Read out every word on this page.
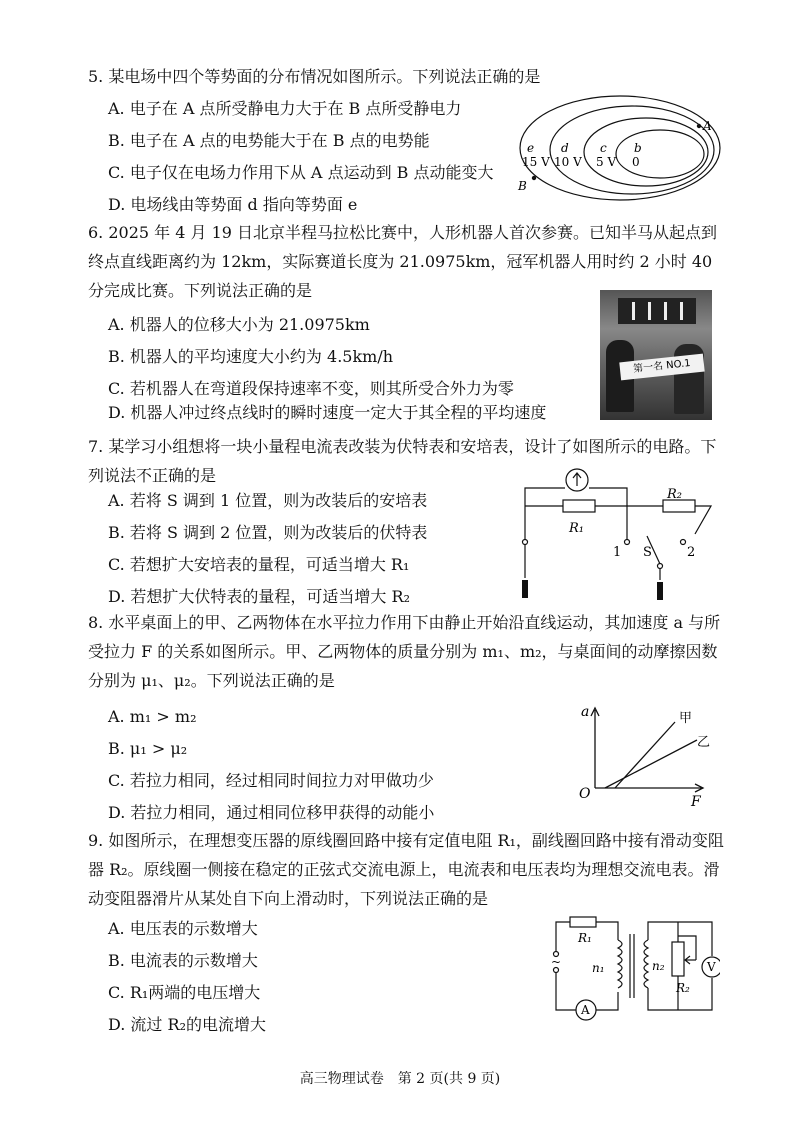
5. 某电场中四个等势面的分布情况如图所示。下列说法正确的是
A. 电子在 A 点所受静电力大于在 B 点所受静电力
B. 电子在 A 点的电势能大于在 B 点的电势能
C. 电子仅在电场力作用下从 A 点运动到 B 点动能变大
D. 电场线由等势面 d 指向等势面 e
A
B
e d	c b
15 V 10 V 5 V 0
6. 2025 年 4 月 19 日北京半程马拉松比赛中，人形机器人首次参赛。已知半马从起点到终点直线距离约为 12km，实际赛道长度为 21.0975km，冠军机器人用时约 2 小时 40 分完成比赛。下列说法正确的是
A. 机器人的位移大小为 21.0975km
B. 机器人的平均速度大小约为 4.5km/h
C. 若机器人在弯道段保持速率不变，则其所受合外力为零
D. 机器人冲过终点线时的瞬时速度一定大于其全程的平均速度
第一名 NO.1
7. 某学习小组想将一块小量程电流表改装为伏特表和安培表，设计了如图所示的电路。下列说法不正确的是
A. 若将 S 调到 1 位置，则为改装后的安培表
B. 若将 S 调到 2 位置，则为改装后的伏特表
C. 若想扩大安培表的量程，可适当增大 R₁
D. 若想扩大伏特表的量程，可适当增大 R₂
R₁
R₂
1 S	2
8. 水平桌面上的甲、乙两物体在水平拉力作用下由静止开始沿直线运动，其加速度 a 与所受拉力 F 的关系如图所示。甲、乙两物体的质量分别为 m₁、m₂，与桌面间的动摩擦因数分别为 μ₁、μ₂。下列说法正确的是
A. m₁ > m₂
B. μ₁ > μ₂
C. 若拉力相同，经过相同时间拉力对甲做功少
D. 若拉力相同，通过相同位移甲获得的动能小
a
F
O
甲
乙
9. 如图所示，在理想变压器的原线圈回路中接有定值电阻 R₁，副线圈回路中接有滑动变阻器 R₂。原线圈一侧接在稳定的正弦式交流电源上，电流表和电压表均为理想交流电表。滑动变阻器滑片从某处自下向上滑动时，下列说法正确的是
A. 电压表的示数增大
B. 电流表的示数增大
C. R₁两端的电压增大
D. 流过 R₂的电流增大
~
R₁
n₁	n₂
R₂
A
V
高三物理试卷　第 2 页(共 9 页)
